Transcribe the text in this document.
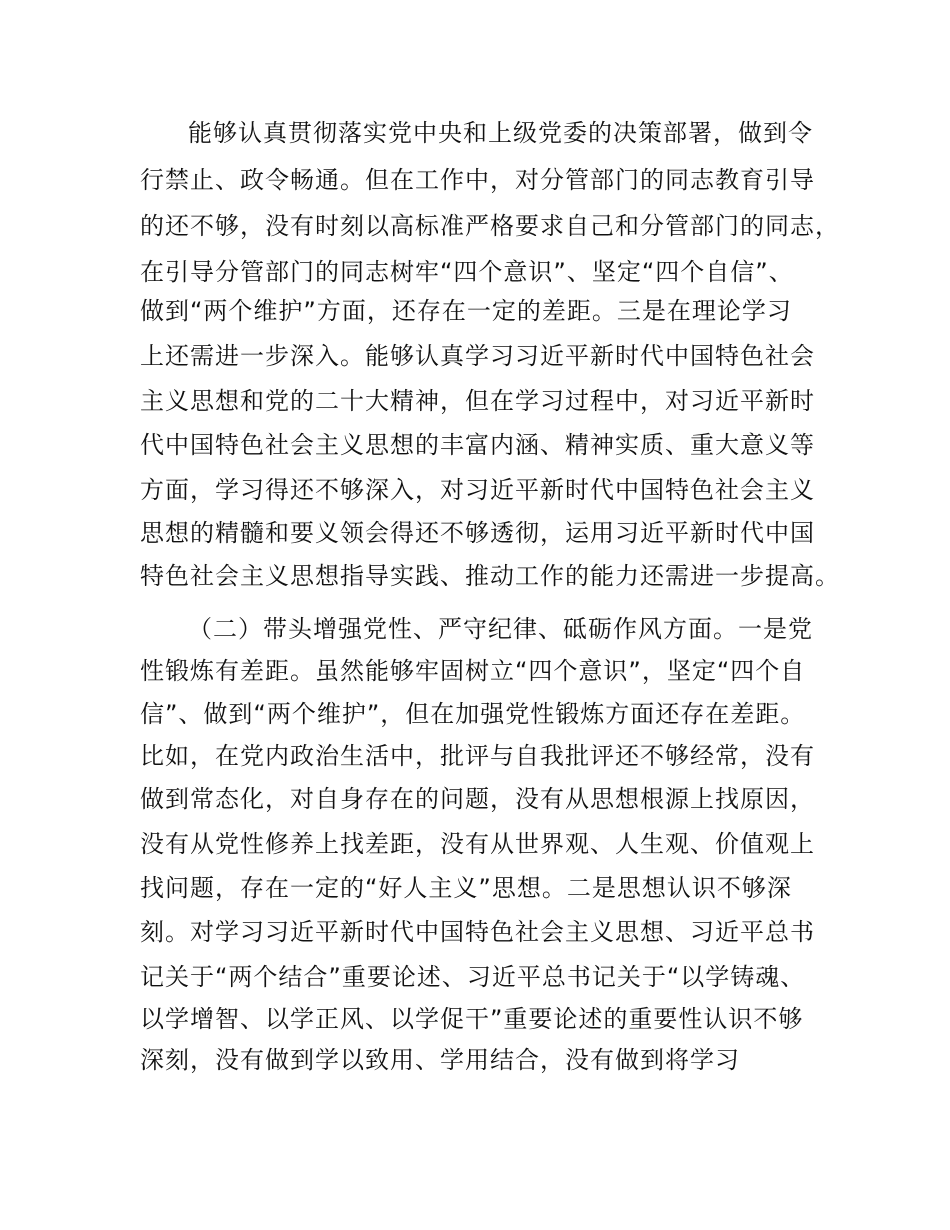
能够认真贯彻落实党中央和上级党委的决策部署，做到令
行禁止、政令畅通。但在工作中，对分管部门的同志教育引导
的还不够，没有时刻以高标准严格要求自己和分管部门的同志，
在引导分管部门的同志树牢“四个意识”、坚定“四个自信”、
做到“两个维护”方面，还存在一定的差距。三是在理论学习
上还需进一步深入。能够认真学习习近平新时代中国特色社会
主义思想和党的二十大精神，但在学习过程中，对习近平新时
代中国特色社会主义思想的丰富内涵、精神实质、重大意义等
方面，学习得还不够深入，对习近平新时代中国特色社会主义
思想的精髓和要义领会得还不够透彻，运用习近平新时代中国
特色社会主义思想指导实践、推动工作的能力还需进一步提高。
（二）带头增强党性、严守纪律、砥砺作风方面。一是党
性锻炼有差距。虽然能够牢固树立“四个意识”，坚定“四个自
信”、做到“两个维护”，但在加强党性锻炼方面还存在差距。
比如，在党内政治生活中，批评与自我批评还不够经常，没有
做到常态化，对自身存在的问题，没有从思想根源上找原因，
没有从党性修养上找差距，没有从世界观、人生观、价值观上
找问题，存在一定的“好人主义”思想。二是思想认识不够深
刻。对学习习近平新时代中国特色社会主义思想、习近平总书
记关于“两个结合”重要论述、习近平总书记关于“以学铸魂、
以学增智、以学正风、以学促干”重要论述的重要性认识不够
深刻，没有做到学以致用、学用结合，没有做到将学习
